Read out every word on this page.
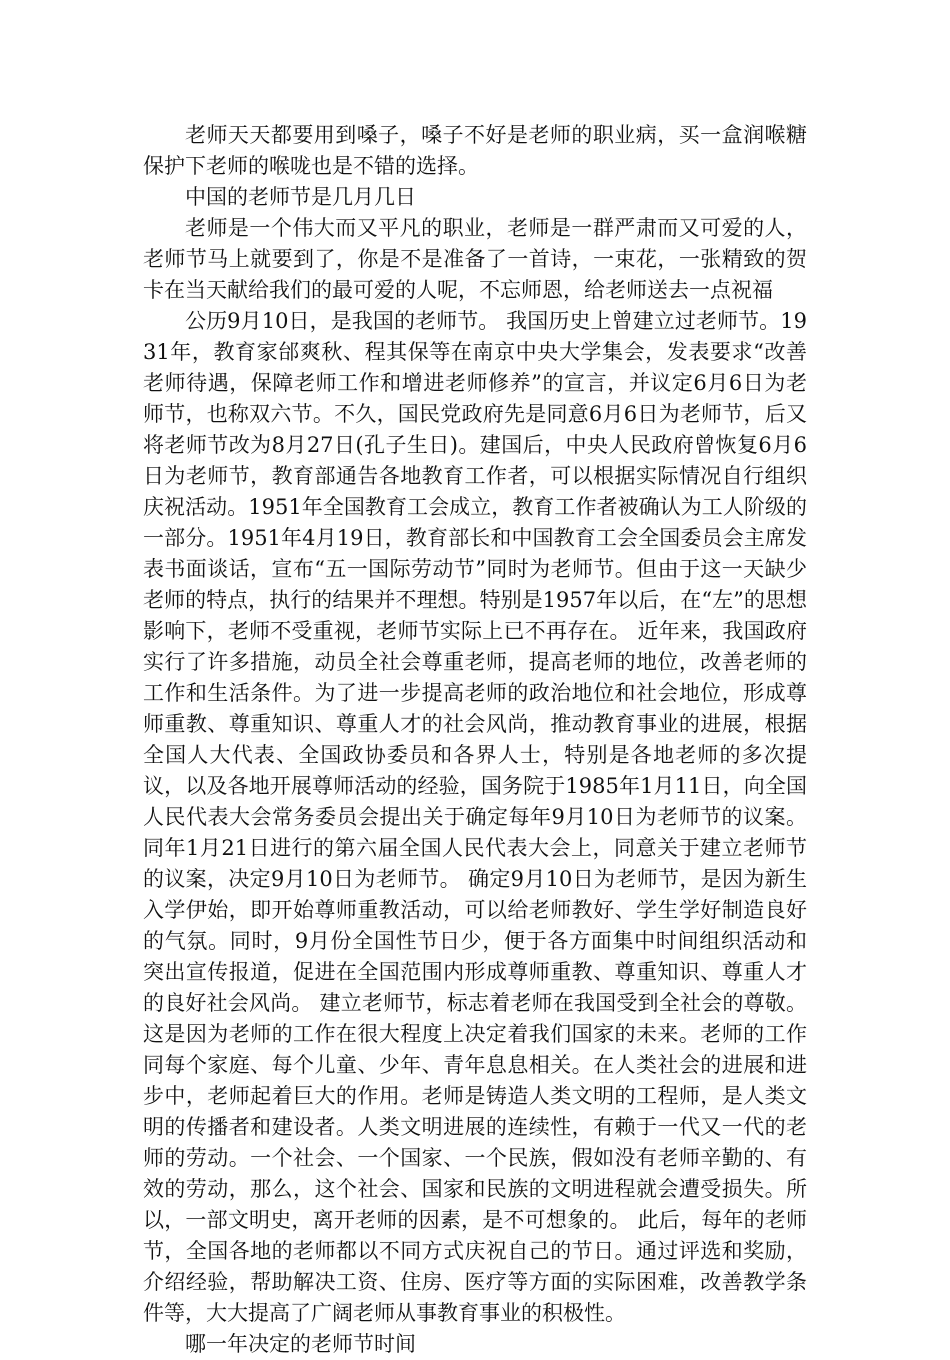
老师天天都要用到嗓子，嗓子不好是老师的职业病，买一盒润喉糖保护下老师的喉咙也是不错的选择。

中国的老师节是几月几日

老师是一个伟大而又平凡的职业，老师是一群严肃而又可爱的人，老师节马上就要到了，你是不是准备了一首诗，一束花，一张精致的贺卡在当天献给我们的最可爱的人呢，不忘师恩，给老师送去一点祝福

公历9月10日，是我国的老师节。 我国历史上曾建立过老师节。1931年，教育家邰爽秋、程其保等在南京中央大学集会，发表要求“改善老师待遇，保障老师工作和增进老师修养”的宣言，并议定6月6日为老师节，也称双六节。不久，国民党政府先是同意6月6日为老师节，后又将老师节改为8月27日(孔子生日)。建国后，中央人民政府曾恢复6月6日为老师节，教育部通告各地教育工作者，可以根据实际情况自行组织庆祝活动。1951年全国教育工会成立，教育工作者被确认为工人阶级的一部分。1951年4月19日，教育部长和中国教育工会全国委员会主席发表书面谈话，宣布“五一国际劳动节”同时为老师节。但由于这一天缺少老师的特点，执行的结果并不理想。特别是1957年以后，在“左”的思想影响下，老师不受重视，老师节实际上已不再存在。 近年来，我国政府实行了许多措施，动员全社会尊重老师，提高老师的地位，改善老师的工作和生活条件。为了进一步提高老师的政治地位和社会地位，形成尊师重教、尊重知识、尊重人才的社会风尚，推动教育事业的进展，根据全国人大代表、全国政协委员和各界人士，特别是各地老师的多次提议，以及各地开展尊师活动的经验，国务院于1985年1月11日，向全国人民代表大会常务委员会提出关于确定每年9月10日为老师节的议案。同年1月21日进行的第六届全国人民代表大会上，同意关于建立老师节的议案，决定9月10日为老师节。 确定9月10日为老师节，是因为新生入学伊始，即开始尊师重教活动，可以给老师教好、学生学好制造良好的气氛。同时，9月份全国性节日少，便于各方面集中时间组织活动和突出宣传报道，促进在全国范围内形成尊师重教、尊重知识、尊重人才的良好社会风尚。 建立老师节，标志着老师在我国受到全社会的尊敬。这是因为老师的工作在很大程度上决定着我们国家的未来。老师的工作同每个家庭、每个儿童、少年、青年息息相关。在人类社会的进展和进步中，老师起着巨大的作用。老师是铸造人类文明的工程师，是人类文明的传播者和建设者。人类文明进展的连续性，有赖于一代又一代的老师的劳动。一个社会、一个国家、一个民族，假如没有老师辛勤的、有效的劳动，那么，这个社会、国家和民族的文明进程就会遭受损失。所以，一部文明史，离开老师的因素，是不可想象的。 此后，每年的老师节，全国各地的老师都以不同方式庆祝自己的节日。通过评选和奖励，介绍经验，帮助解决工资、住房、医疗等方面的实际困难，改善教学条件等，大大提高了广阔老师从事教育事业的积极性。

哪一年决定的老师节时间
